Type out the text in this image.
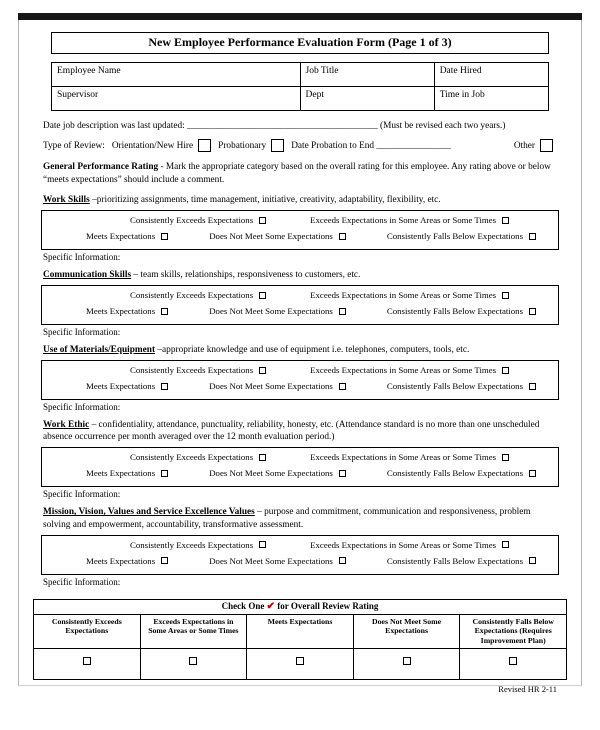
New Employee Performance Evaluation Form (Page 1 of 3)
Employee Name	Job Title	Date Hired
Supervisor	Dept	Time in Job
Date job description was last updated: _________________________________________ (Must be revised each two years.)
Type of Review: Orientation/New Hire	Probationary	Date Probation to End ________________	Other
General Performance Rating - Mark the appropriate category based on the overall rating for this employee. Any rating above or below “meets expectations” should include a comment.
Work Skills –prioritizing assignments, time management, initiative, creativity, adaptability, flexibility, etc.
Consistently Exceeds Expectations	Exceeds Expectations in Some Areas or Some Times
Meets Expectations	Does Not Meet Some Expectations	Consistently Falls Below Expectations
Specific Information:
Communication Skills – team skills, relationships, responsiveness to customers, etc.
Consistently Exceeds Expectations	Exceeds Expectations in Some Areas or Some Times
Meets Expectations	Does Not Meet Some Expectations	Consistently Falls Below Expectations
Specific Information:
Use of Materials/Equipment –appropriate knowledge and use of equipment i.e. telephones, computers, tools, etc.
Consistently Exceeds Expectations	Exceeds Expectations in Some Areas or Some Times
Meets Expectations	Does Not Meet Some Expectations	Consistently Falls Below Expectations
Specific Information:
Work Ethic – confidentiality, attendance, punctuality, reliability, honesty, etc. (Attendance standard is no more than one unscheduled absence occurrence per month averaged over the 12 month evaluation period.)
Consistently Exceeds Expectations	Exceeds Expectations in Some Areas or Some Times
Meets Expectations	Does Not Meet Some Expectations	Consistently Falls Below Expectations
Specific Information:
Mission, Vision, Values and Service Excellence Values – purpose and commitment, communication and responsiveness, problem solving and empowerment, accountability, transformative assessment.
Consistently Exceeds Expectations	Exceeds Expectations in Some Areas or Some Times
Meets Expectations	Does Not Meet Some Expectations	Consistently Falls Below Expectations
Specific Information:
Check One ✔ for Overall Review Rating				
Consistently Exceeds Expectations	Exceeds Expectations in Some Areas or Some Times	Meets Expectations	Does Not Meet Some Expectations	Consistently Falls Below Expectations (Requires Improvement Plan)

Revised HR 2-11
